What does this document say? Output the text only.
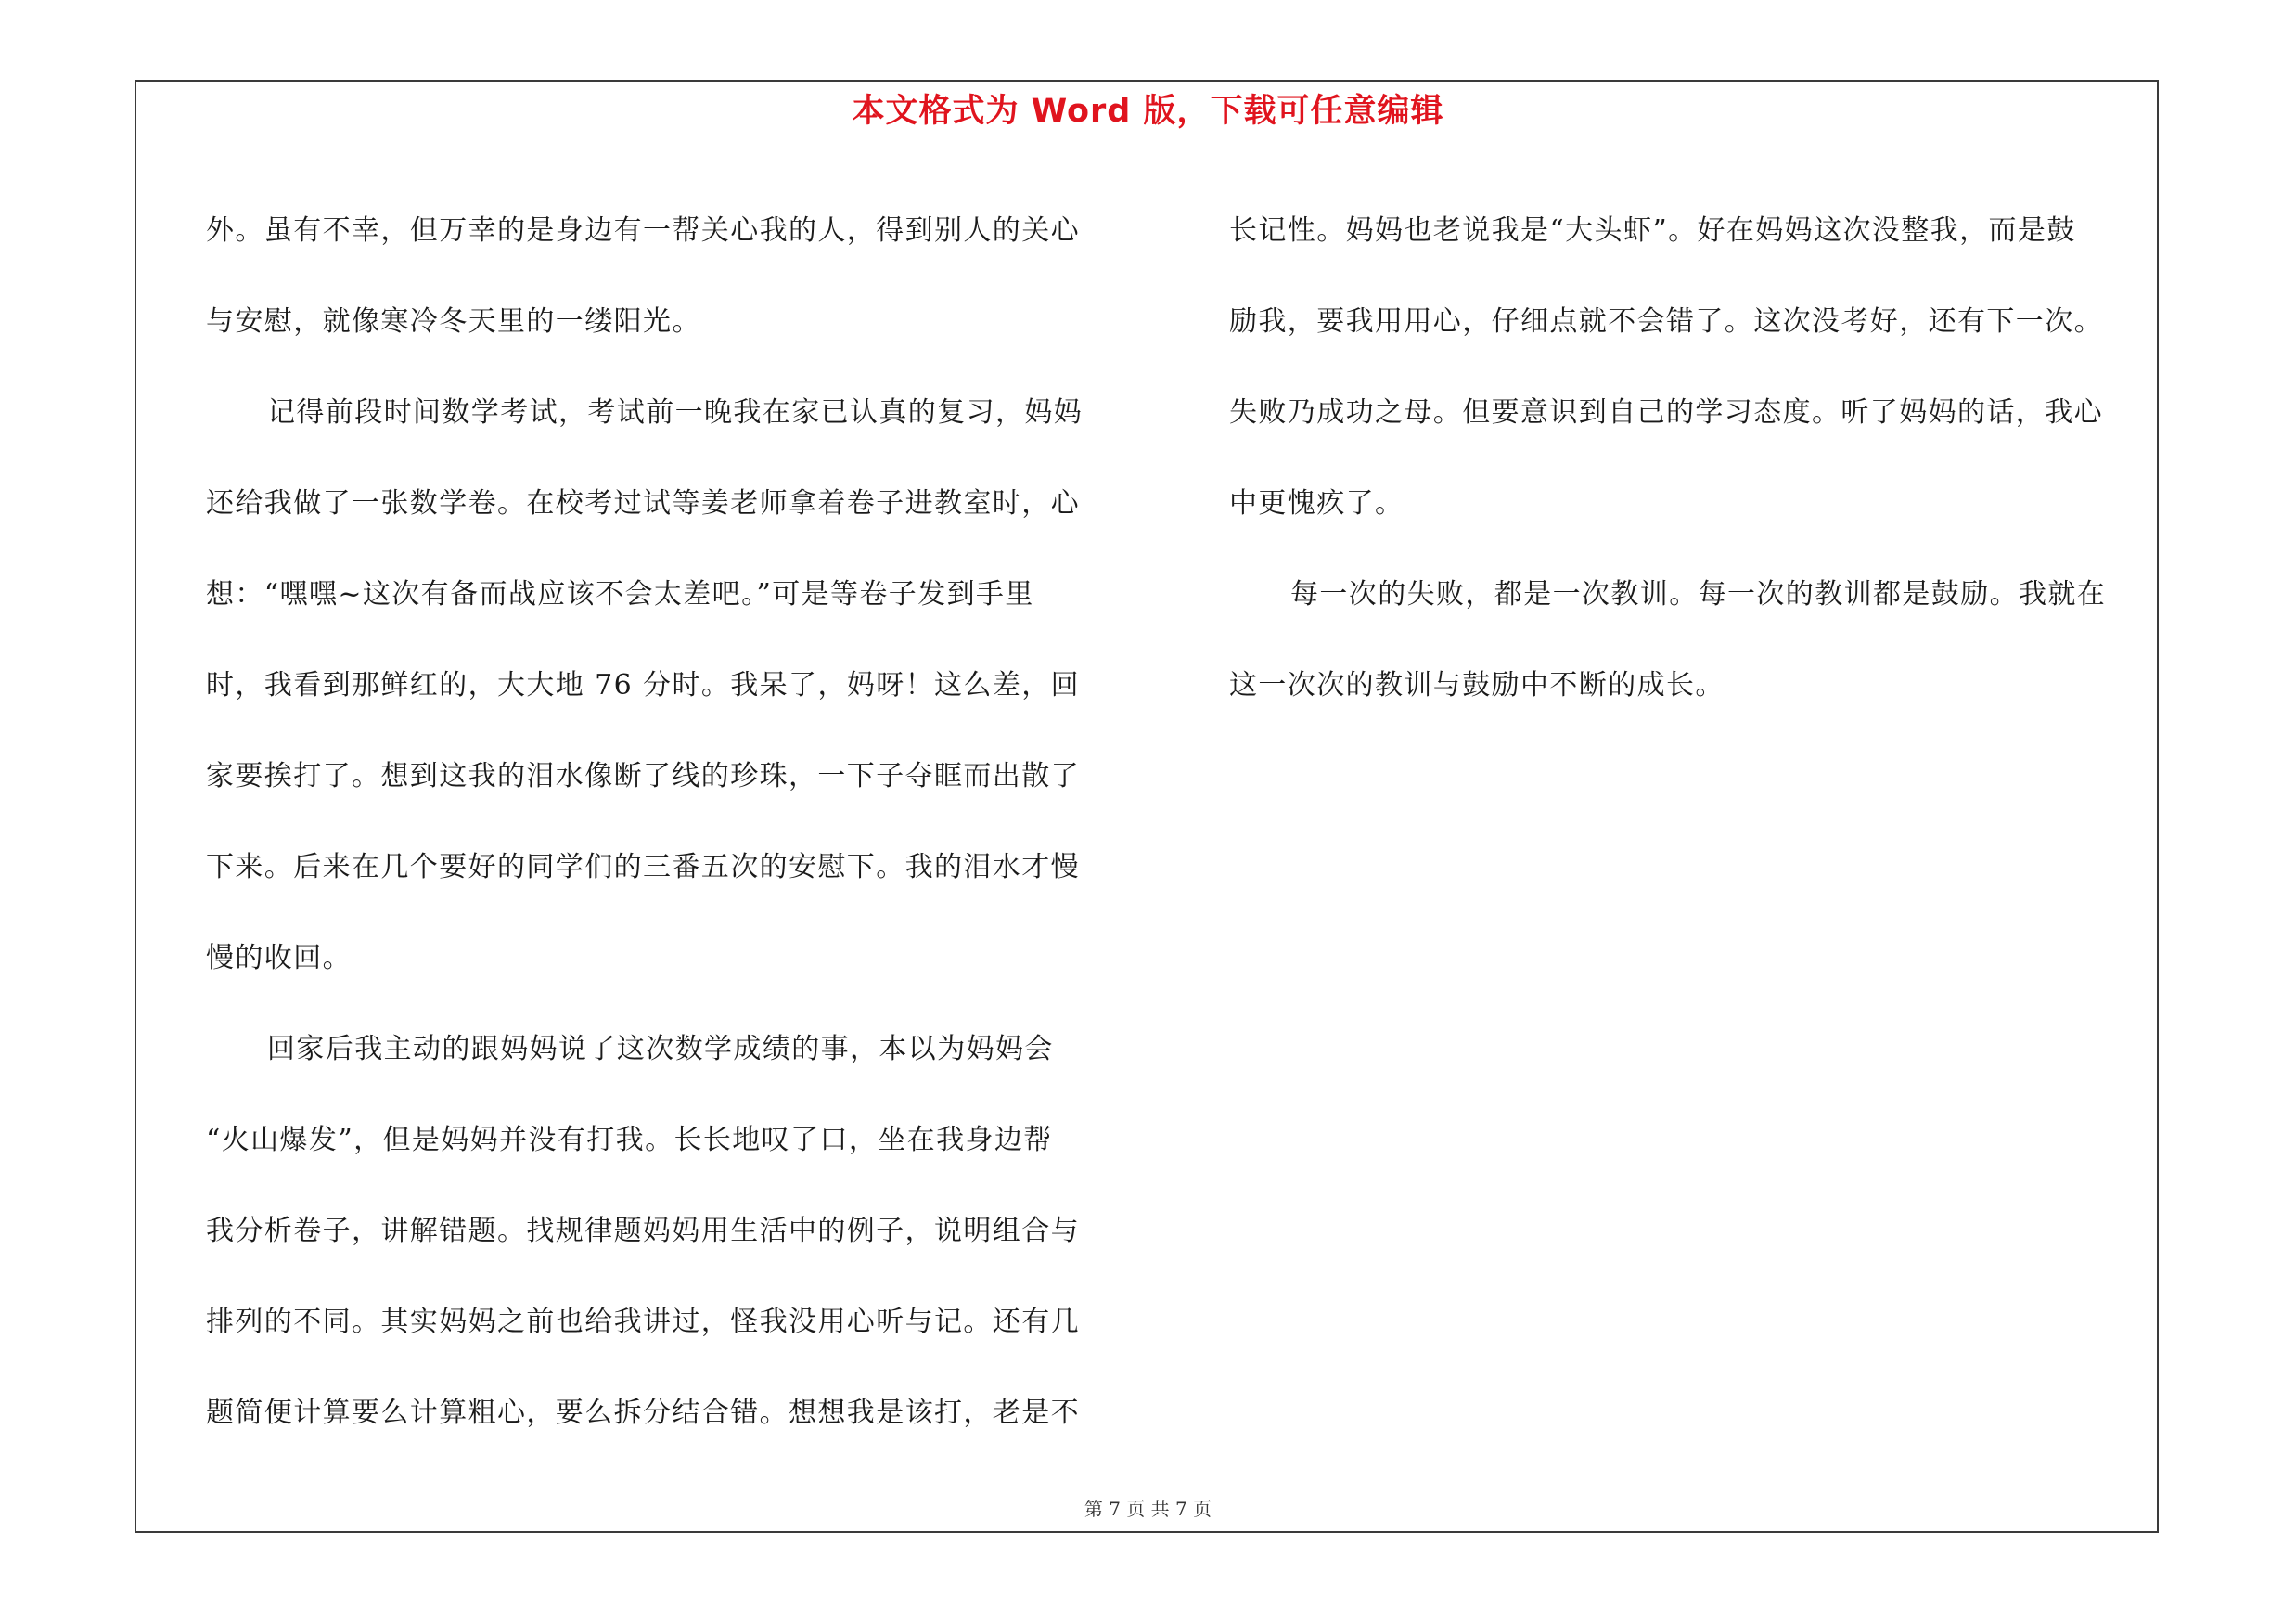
本文格式为 Word 版，下载可任意编辑
外。虽有不幸，但万幸的是身边有一帮关心我的人，得到别人的关心
与安慰，就像寒冷冬天里的一缕阳光。
记得前段时间数学考试，考试前一晚我在家已认真的复习，妈妈
还给我做了一张数学卷。在校考过试等姜老师拿着卷子进教室时，心
想：“嘿嘿~这次有备而战应该不会太差吧。”可是等卷子发到手里
时，我看到那鲜红的，大大地 76 分时。我呆了，妈呀！这么差，回
家要挨打了。想到这我的泪水像断了线的珍珠，一下子夺眶而出散了
下来。后来在几个要好的同学们的三番五次的安慰下。我的泪水才慢
慢的收回。
回家后我主动的跟妈妈说了这次数学成绩的事，本以为妈妈会
“火山爆发”，但是妈妈并没有打我。长长地叹了口，坐在我身边帮
我分析卷子，讲解错题。找规律题妈妈用生活中的例子，说明组合与
排列的不同。其实妈妈之前也给我讲过，怪我没用心听与记。还有几
题简便计算要么计算粗心，要么拆分结合错。想想我是该打，老是不
长记性。妈妈也老说我是“大头虾”。好在妈妈这次没整我，而是鼓
励我，要我用用心，仔细点就不会错了。这次没考好，还有下一次。
失败乃成功之母。但要意识到自己的学习态度。听了妈妈的话，我心
中更愧疚了。
每一次的失败，都是一次教训。每一次的教训都是鼓励。我就在
这一次次的教训与鼓励中不断的成长。
第 7 页 共 7 页
